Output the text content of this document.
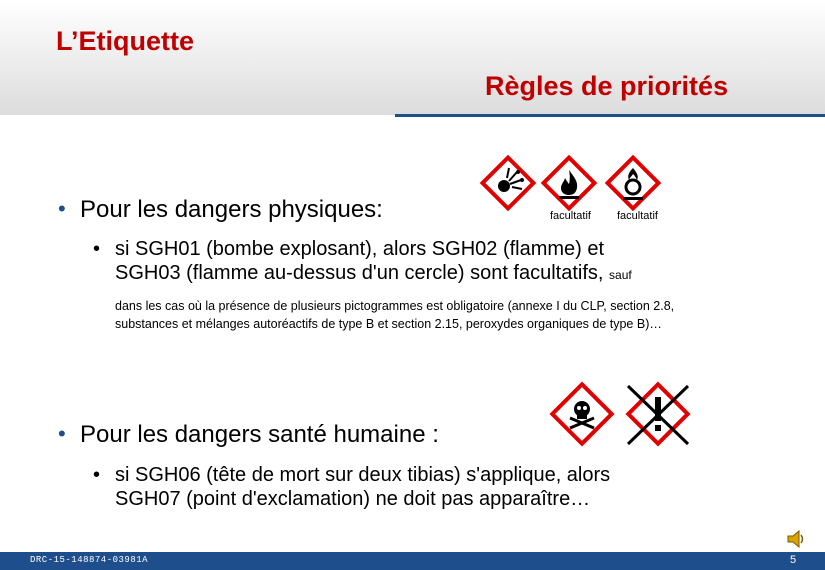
L’Etiquette
Règles de priorités
• Pour les dangers physiques:	facultatif facultatif
• si SGH01 (bombe explosant), alors SGH02 (flamme) et
SGH03 (flamme au-dessus d'un cercle) sont facultatifs, sauf
dans les cas où la présence de plusieurs pictogrammes est obligatoire (annexe I du CLP, section 2.8,
substances et mélanges autoréactifs de type B et section 2.15, peroxydes organiques de type B)…
• Pour les dangers santé humaine :
• si SGH06 (tête de mort sur deux tibias) s'applique, alors
SGH07 (point d'exclamation) ne doit pas apparaître…
DRC-15-148874-03981A	5
